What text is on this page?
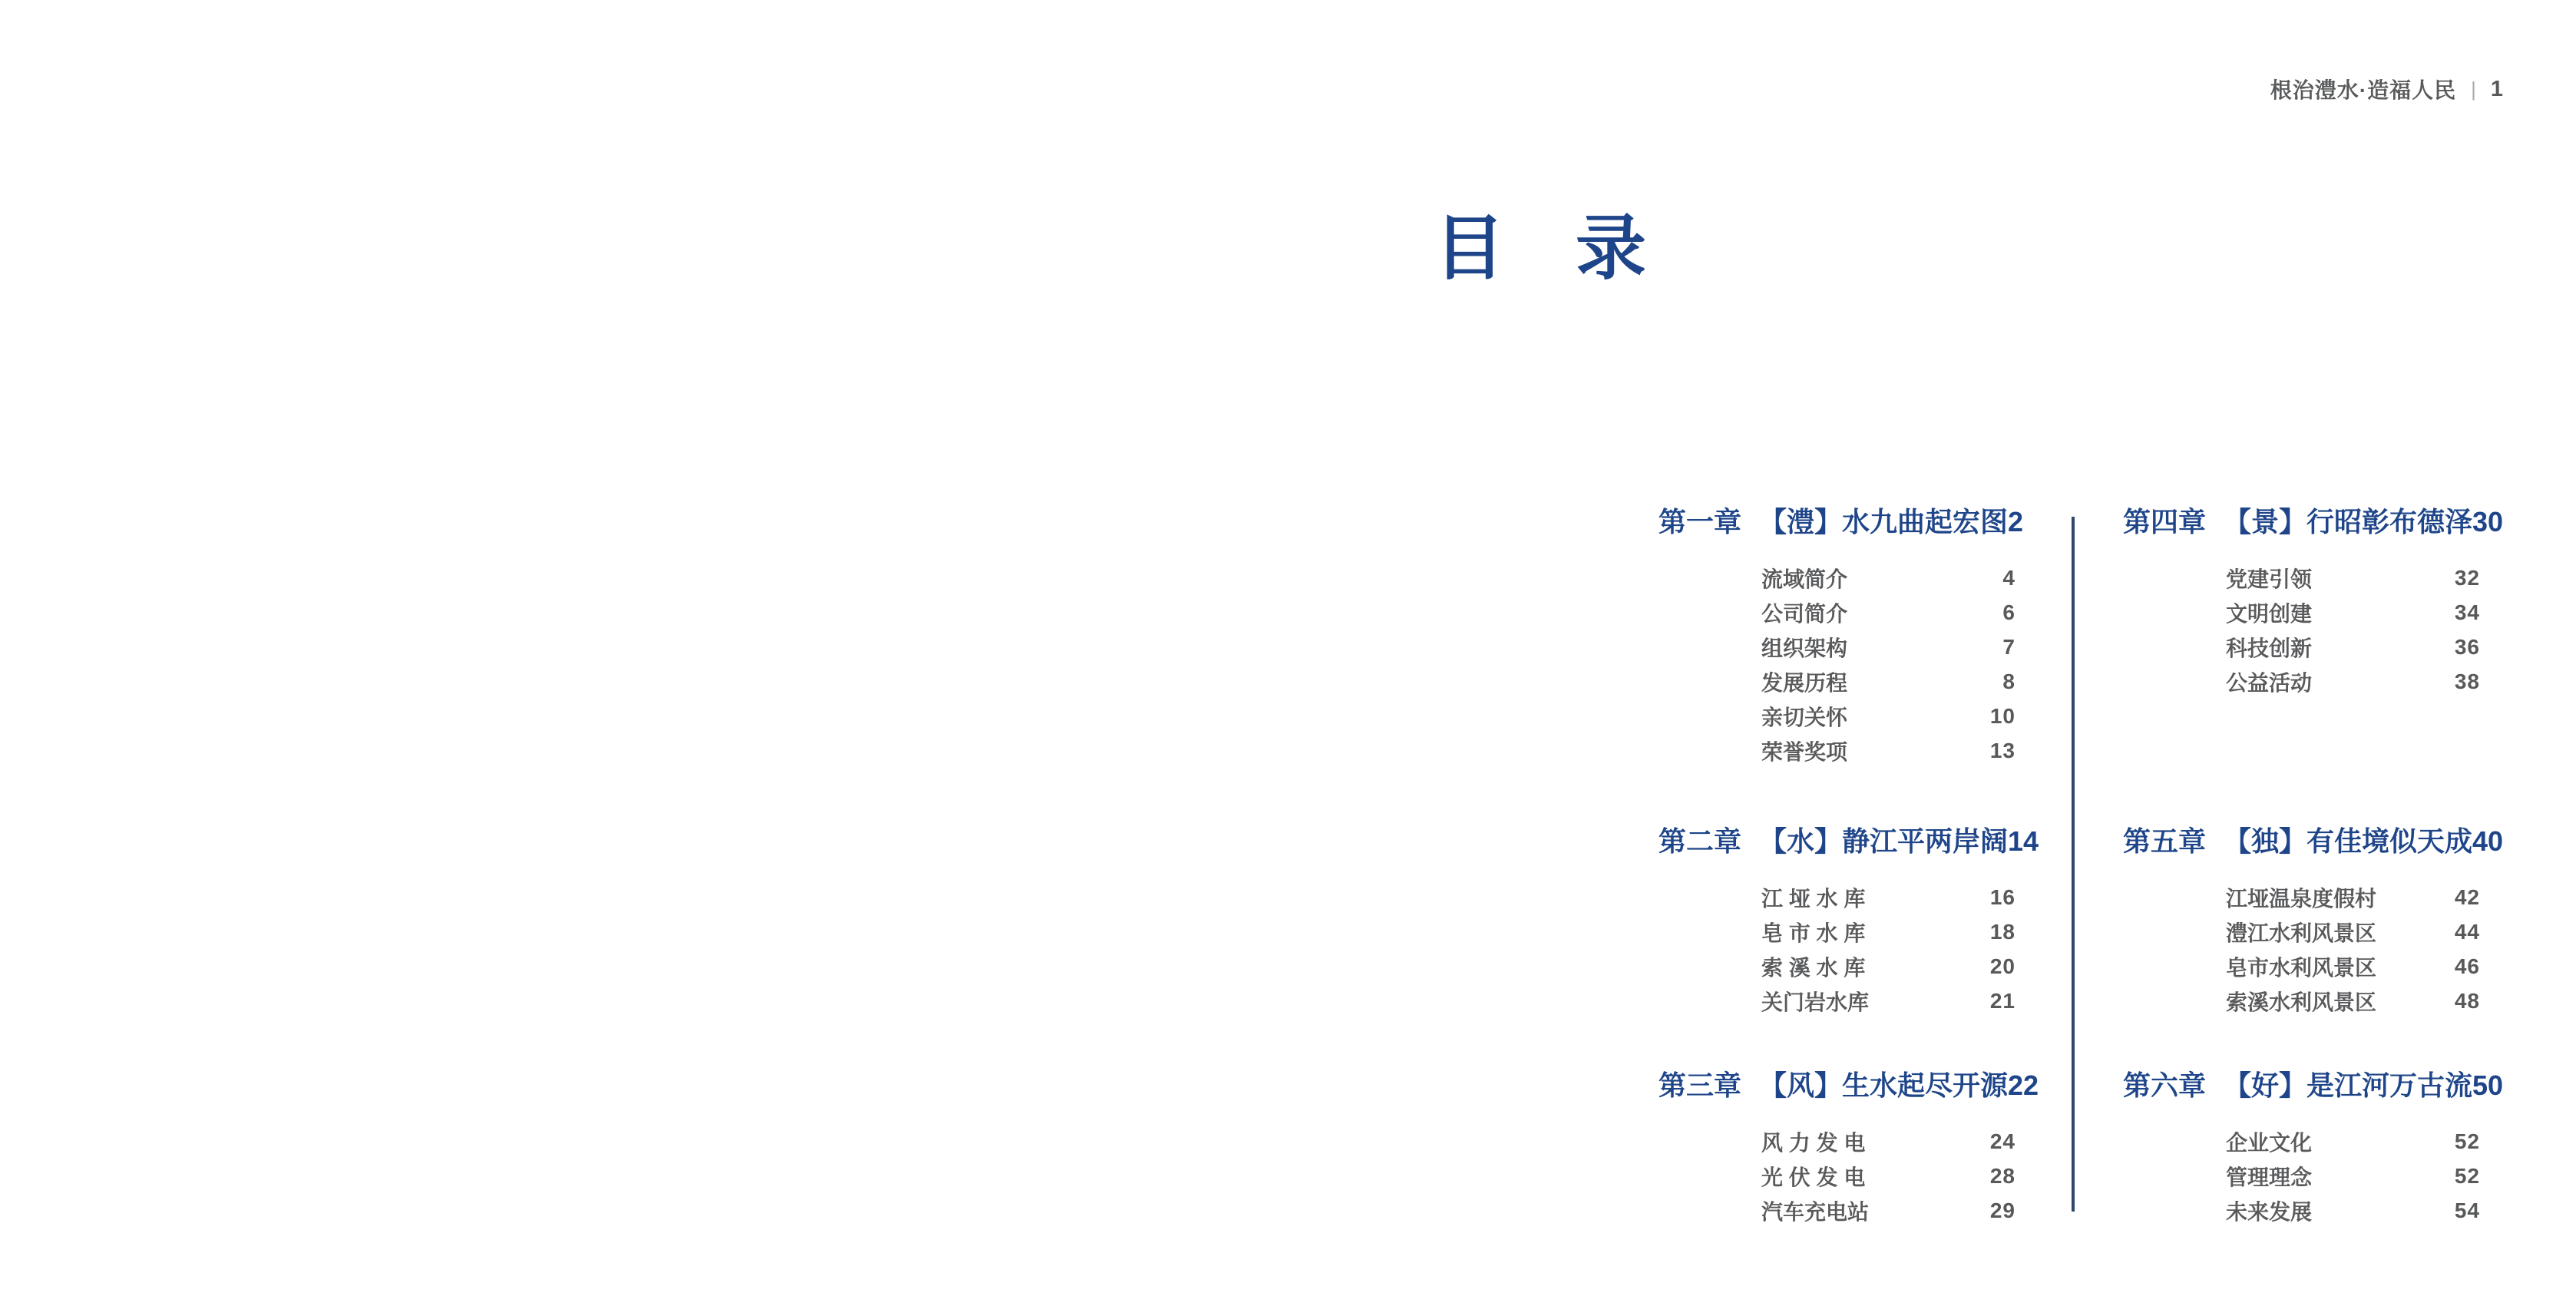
根治澧水·造福人民 | 1
目　录
第一章 【澧】水九曲起宏图 2
流域简介	4
公司简介	6
组织架构	7
发展历程	8
亲切关怀	10
荣誉奖项	13
第二章 【水】静江平两岸阔 14
江 垭 水 库	16
皂 市 水 库	18
索 溪 水 库	20
关门岩水库	21
第三章 【风】生水起尽开源 22
风 力 发 电	24
光 伏 发 电	28
汽车充电站	29
第四章 【景】行昭彰布德泽 30
党建引领	32
文明创建	34
科技创新	36
公益活动	38
第五章 【独】有佳境似天成 40
江垭温泉度假村	42
澧江水利风景区	44
皂市水利风景区	46
索溪水利风景区	48
第六章 【好】是江河万古流 50
企业文化	52
管理理念	52
未来发展	54
